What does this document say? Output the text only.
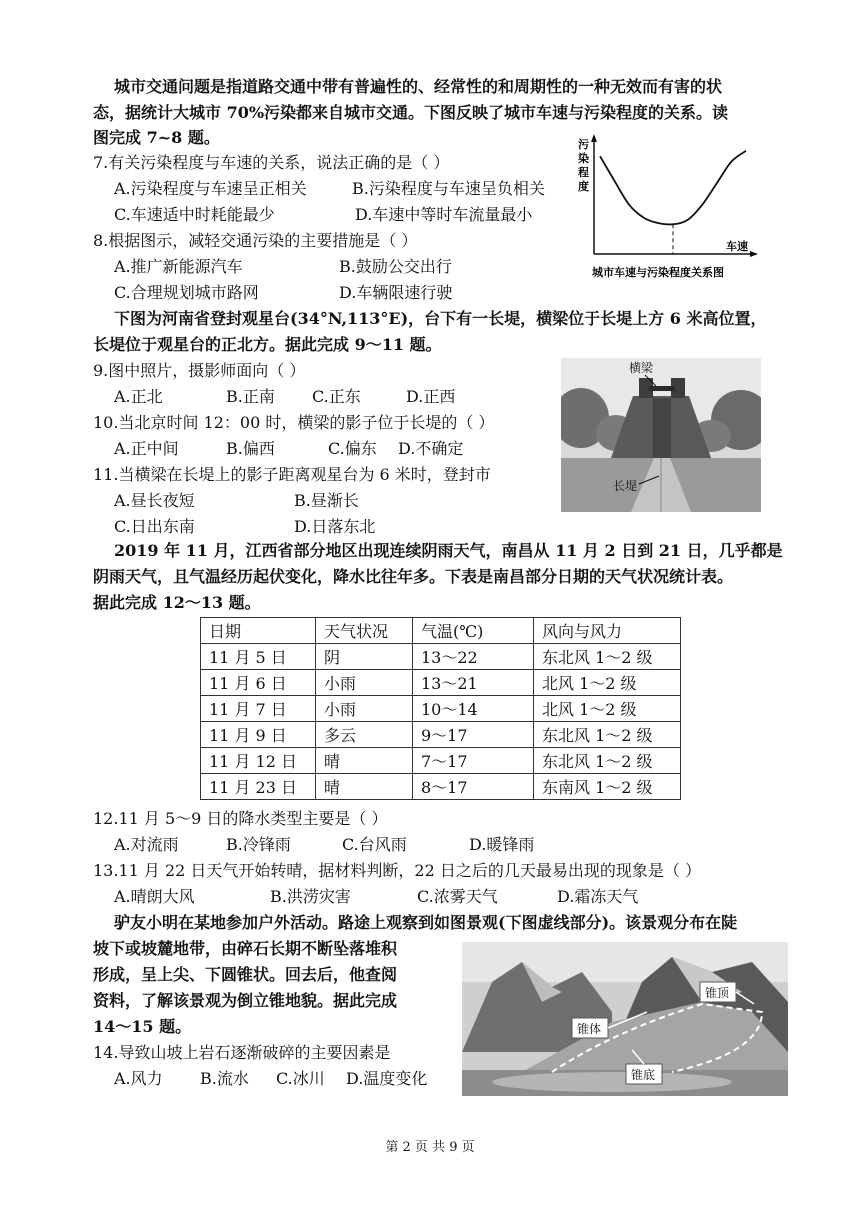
城市交通问题是指道路交通中带有普遍性的、经常性的和周期性的一种无效而有害的状
态，据统计大城市 70%污染都来自城市交通。下图反映了城市车速与污染程度的关系。读
图完成 7~8 题。
7.有关污染程度与车速的关系，说法正确的是（ ）
A.污染程度与车速呈正相关	B.污染程度与车速呈负相关
C.车速适中时耗能最少	D.车速中等时车流量最小
8.根据图示，减轻交通污染的主要措施是（ ）
A.推广新能源汽车	B.鼓励公交出行
C.合理规划城市路网	D.车辆限速行驶
污
染
程
度
车速
城市车速与污染程度关系图
下图为河南省登封观星台(34°N,113°E)，台下有一长堤，横梁位于长堤上方 6 米高位置，
长堤位于观星台的正北方。据此完成 9～11 题。
9.图中照片，摄影师面向（ ）
A.正北	B.正南 C.正东	D.正西
10.当北京时间 12：00 时，横梁的影子位于长堤的（ ）
A.正中间	B.偏西	C.偏东 D.不确定
11.当横梁在长堤上的影子距离观星台为 6 米时，登封市
A.昼长夜短	B.昼渐长
C.日出东南	D.日落东北
横梁
长堤
2019 年 11 月，江西省部分地区出现连续阴雨天气，南昌从 11 月 2 日到 21 日，几乎都是
阴雨天气，且气温经历起伏变化，降水比往年多。下表是南昌部分日期的天气状况统计表。
据此完成 12～13 题。
日期	天气状况	气温(℃)	风向与风力
11 月 5 日	阴	13～22	东北风 1～2 级
11 月 6 日	小雨	13～21	北风 1～2 级
11 月 7 日	小雨	10～14	北风 1～2 级
11 月 9 日	多云	9～17	东北风 1～2 级
11 月 12 日	晴	7～17	东北风 1～2 级
11 月 23 日	晴	8～17	东南风 1～2 级
12.11 月 5～9 日的降水类型主要是（ ）
A.对流雨	B.冷锋雨	C.台风雨	D.暖锋雨
13.11 月 22 日天气开始转晴，据材料判断，22 日之后的几天最易出现的现象是（ ）
A.晴朗大风	B.洪涝灾害	C.浓雾天气	D.霜冻天气
驴友小明在某地参加户外活动。路途上观察到如图景观(下图虚线部分)。该景观分布在陡
坡下或坡麓地带，由碎石长期不断坠落堆积
形成，呈上尖、下圆锥状。回去后，他查阅
资料，了解该景观为倒立锥地貌。据此完成
14～15 题。
14.导致山坡上岩石逐渐破碎的主要因素是
A.风力 B.流水 C.冰川 D.温度变化
锥顶
锥体
锥底
第 2 页 共 9 页
